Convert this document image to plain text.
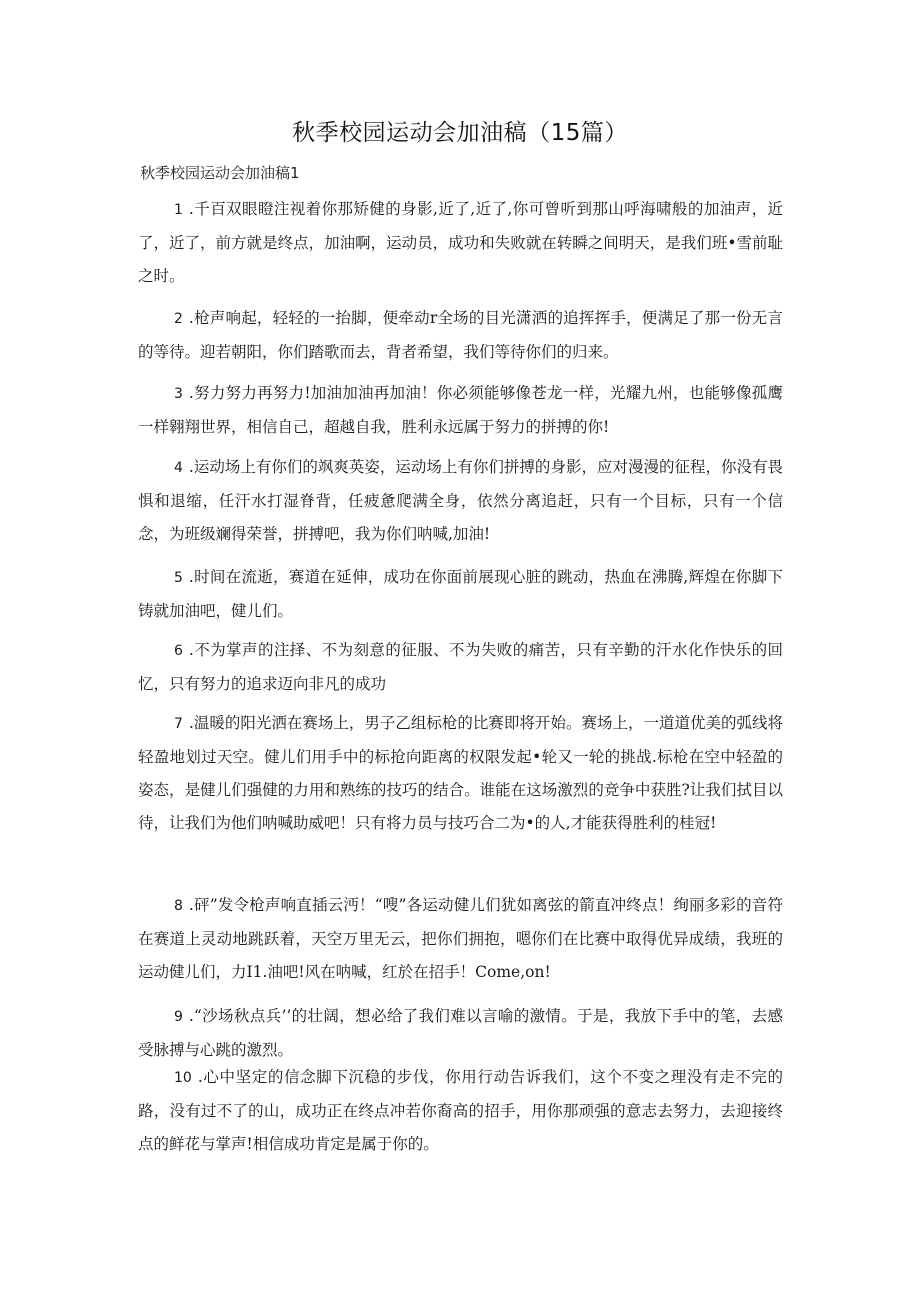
秋季校园运动会加油稿（15篇）
秋季校园运动会加油稿1

1 .千百双眼瞪注视着你那矫健的身影,近了,近了,你可曾听到那山呼海啸般的加油声，近了，近了，前方就是终点，加油啊，运动员，成功和失败就在转瞬之间明天，是我们班•雪前耻之时。

2 .枪声响起，轻轻的一抬脚，便牵动r全场的目光潇洒的追挥挥手，便满足了那一份无言的等待。迎若朝阳，你们踏歌而去，背者希望，我们等待你们的归来。

3 .努力努力再努力!加油加油再加油！你必须能够像苍龙一样，光耀九州，也能够像孤鹰一样翱翔世界，相信自己，超越自我，胜利永远属于努力的拼搏的你!

4 .运动场上有你们的飒爽英姿，运动场上有你们拼搏的身影，应对漫漫的征程，你没有畏惧和退缩，任汗水打湿脊背，任疲惫爬满全身，依然分离追赶，只有一个目标，只有一个信念，为班级斓得荣誉，拼搏吧，我为你们呐喊,加油!

5 .时间在流逝，赛道在延伸，成功在你面前展现心脏的跳动，热血在沸腾,辉煌在你脚下铸就加油吧，健儿们。

6 .不为掌声的注择、不为刻意的征服、不为失败的痛苦，只有辛勤的汗水化作快乐的回忆，只有努力的追求迈向非凡的成功

7 .温暖的阳光洒在赛场上，男子乙组标枪的比赛即将开始。赛场上，一道道优美的弧线将轻盈地划过天空。健儿们用手中的标抢向距离的权限发起•轮又一轮的挑战.标枪在空中轻盈的姿态，是健儿们强健的力用和熟练的技巧的结合。谁能在这场激烈的竞争中获胜?让我们拭目以待，让我们为他们呐喊助威吧！只有将力员与技巧合二为•的人,才能获得胜利的桂冠!

8 .砰”发令枪声响直插云沔！“嗖”各运动健儿们犹如离弦的箭直冲终点！绚丽多彩的音符在赛道上灵动地跳跃着，天空万里无云，把你们拥抱，嗯你们在比赛中取得优异成绩，我班的运动健儿们，力I1.油吧!风在呐喊，红於在招手！Come,on!

9 .“沙场秋点兵’’的壮阔，想必给了我们难以言喻的激情。于是，我放下手中的笔，去感受脉搏与心跳的激烈。

10 .心中坚定的信念脚下沉稳的步伐，你用行动告诉我们，这个不变之理没有走不完的路，没有过不了的山，成功正在终点冲若你裔高的招手，用你那顽强的意志去努力，去迎接终点的鲜花与掌声!相信成功肯定是属于你的。
